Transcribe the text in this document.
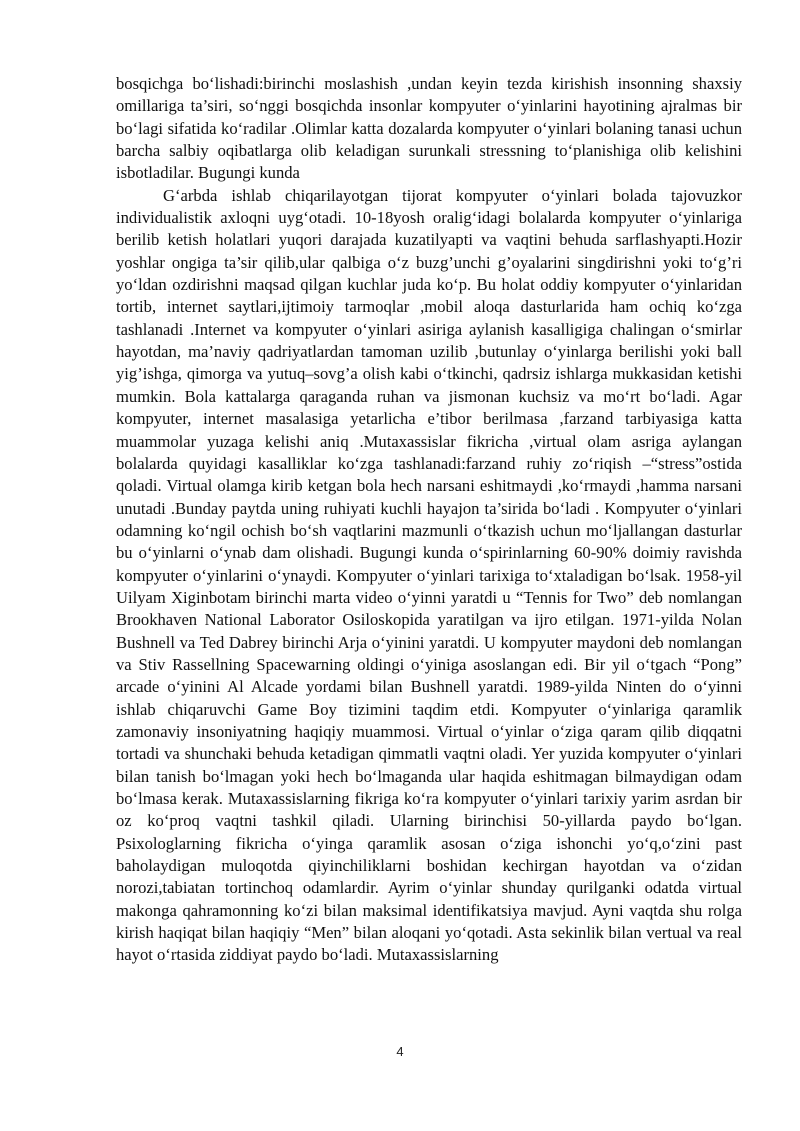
bosqichga bo‘lishadi:birinchi moslashish ,undan keyin tezda kirishish insonning shaxsiy omillariga ta’siri, so‘nggi bosqichda insonlar kompyuter o‘yinlarini hayotining ajralmas bir bo‘lagi sifatida ko‘radilar .Olimlar katta dozalarda kompyuter o‘yinlari bolaning tanasi uchun barcha salbiy oqibatlarga olib keladigan surunkali stressning to‘planishiga olib kelishini isbotladilar. Bugungi kunda

G‘arbda ishlab chiqarilayotgan tijorat kompyuter o‘yinlari bolada tajovuzkor individualistik axloqni uyg‘otadi. 10-18yosh oralig‘idagi bolalarda kompyuter o‘yinlariga berilib ketish holatlari yuqori darajada kuzatilyapti va vaqtini behuda sarflashyapti.Hozir yoshlar ongiga ta’sir qilib,ular qalbiga o‘z buzg’unchi g’oyalarini singdirishni yoki to‘g’ri yo‘ldan ozdirishni maqsad qilgan kuchlar juda ko‘p. Bu holat oddiy kompyuter o‘yinlaridan tortib, internet saytlari,ijtimoiy tarmoqlar ,mobil aloqa dasturlarida ham ochiq ko‘zga tashlanadi .Internet va kompyuter o‘yinlari asiriga aylanish kasalligiga chalingan o‘smirlar hayotdan, ma’naviy qadriyatlardan tamoman uzilib ,butunlay o‘yinlarga berilishi yoki ball yig’ishga, qimorga va yutuq–sovg’a olish kabi o‘tkinchi, qadrsiz ishlarga mukkasidan ketishi mumkin. Bola kattalarga qaraganda ruhan va jismonan kuchsiz va mo‘rt bo‘ladi. Agar kompyuter, internet masalasiga yetarlicha e’tibor berilmasa ,farzand tarbiyasiga katta muammolar yuzaga kelishi aniq .Mutaxassislar fikricha ,virtual olam asriga aylangan bolalarda quyidagi kasalliklar ko‘zga tashlanadi:farzand ruhiy zo‘riqish –“stress”ostida qoladi. Virtual olamga kirib ketgan bola hech narsani eshitmaydi ,ko‘rmaydi ,hamma narsani unutadi .Bunday paytda uning ruhiyati kuchli hayajon ta’sirida bo‘ladi . Kompyuter o‘yinlari odamning ko‘ngil ochish bo‘sh vaqtlarini mazmunli o‘tkazish uchun mo‘ljallangan dasturlar bu o‘yinlarni o‘ynab dam olishadi. Bugungi kunda o‘spirinlarning 60-90% doimiy ravishda kompyuter o‘yinlarini o‘ynaydi. Kompyuter o‘yinlari tarixiga to‘xtaladigan bo‘lsak. 1958-yil Uilyam Xiginbotam birinchi marta video o‘yinni yaratdi u “Tennis for Two” deb nomlangan Brookhaven National Laborator Osiloskopida yaratilgan va ijro etilgan. 1971-yilda Nolan Bushnell va Ted Dabrey birinchi Arja o‘yinini yaratdi. U kompyuter maydoni deb nomlangan va Stiv Rassellning Spacewarning oldingi o‘yiniga asoslangan edi. Bir yil o‘tgach “Pong” arcade o‘yinini Al Alcade yordami bilan Bushnell yaratdi. 1989-yilda Ninten do o‘yinni ishlab chiqaruvchi Game Boy tizimini taqdim etdi. Kompyuter o‘yinlariga qaramlik zamonaviy insoniyatning haqiqiy muammosi. Virtual o‘yinlar o‘ziga qaram qilib diqqatni tortadi va shunchaki behuda ketadigan qimmatli vaqtni oladi. Yer yuzida kompyuter o‘yinlari bilan tanish bo‘lmagan yoki hech bo‘lmaganda ular haqida eshitmagan bilmaydigan odam bo‘lmasa kerak. Mutaxassislarning fikriga ko‘ra kompyuter o‘yinlari tarixiy yarim asrdan bir oz ko‘proq vaqtni tashkil qiladi. Ularning birinchisi 50-yillarda paydo bo‘lgan. Psixologlarning fikricha o‘yinga qaramlik asosan o‘ziga ishonchi yo‘q,o‘zini past baholaydigan muloqotda qiyinchiliklarni boshidan kechirgan hayotdan va o‘zidan norozi,tabiatan tortinchoq odamlardir. Ayrim o‘yinlar shunday qurilganki odatda virtual makonga qahramonning ko‘zi bilan maksimal identifikatsiya mavjud. Ayni vaqtda shu rolga kirish haqiqat bilan haqiqiy “Men” bilan aloqani yo‘qotadi. Asta sekinlik bilan vertual va real hayot o‘rtasida ziddiyat paydo bo‘ladi. Mutaxassislarning

4
